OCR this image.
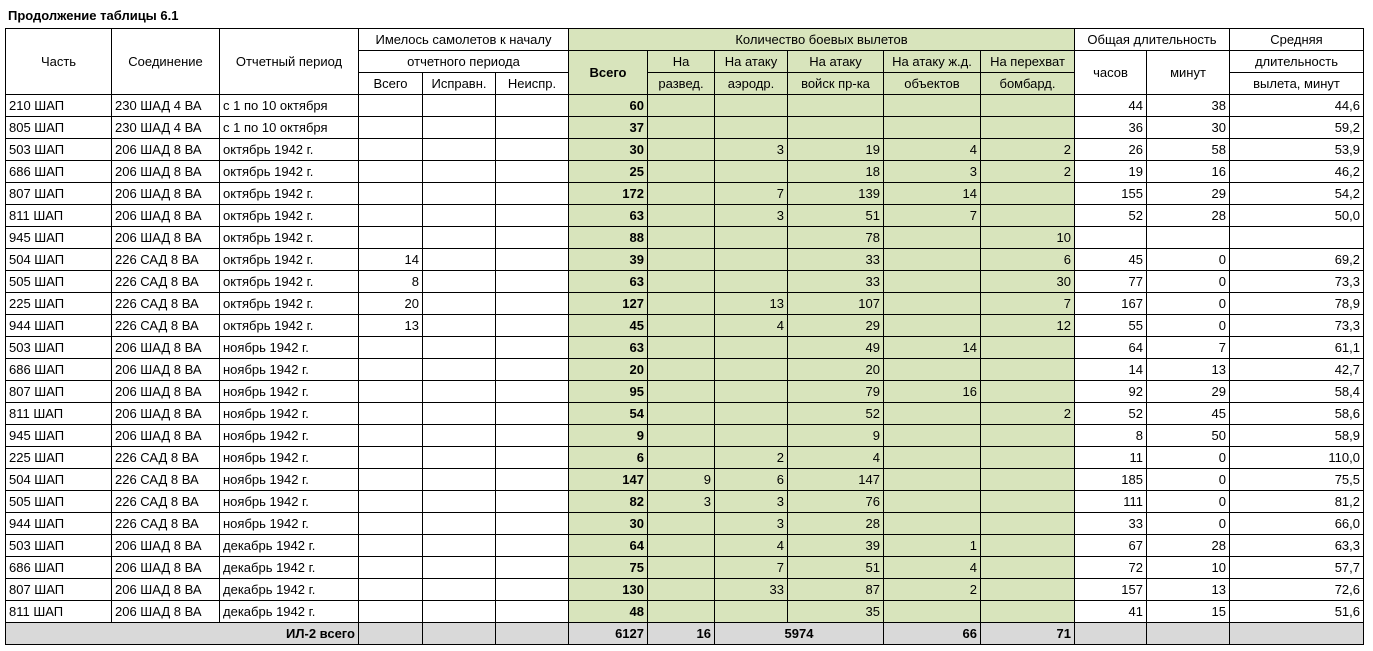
Продолжение таблицы 6.1
Часть	Соединение	Отчетный период	Имелось самолетов к началу			Количество боевых вылетов						Общая длительность		Средняя
			отчетного периода			Всего	На	На атаку	На атаку	На атаку ж.д.	На перехват	часов	минут	длительность
			Всего	Исправн.	Неиспр.		развед.	аэродр.	войск пр-ка	объектов	бомбард.			вылета, минут
210 ШАП	230 ШАД 4 ВА	с 1 по 10 октября				60						44	38	44,6
805 ШАП	230 ШАД 4 ВА	с 1 по 10 октября				37						36	30	59,2
503 ШАП	206 ШАД 8 ВА	октябрь 1942 г.				30		3	19	4	2	26	58	53,9
686 ШАП	206 ШАД 8 ВА	октябрь 1942 г.				25			18	3	2	19	16	46,2
807 ШАП	206 ШАД 8 ВА	октябрь 1942 г.				172		7	139	14		155	29	54,2
811 ШАП	206 ШАД 8 ВА	октябрь 1942 г.				63		3	51	7		52	28	50,0
945 ШАП	206 ШАД 8 ВА	октябрь 1942 г.				88			78		10			
504 ШАП	226 САД 8 ВА	октябрь 1942 г.	14			39			33		6	45	0	69,2
505 ШАП	226 САД 8 ВА	октябрь 1942 г.	8			63			33		30	77	0	73,3
225 ШАП	226 САД 8 ВА	октябрь 1942 г.	20			127		13	107		7	167	0	78,9
944 ШАП	226 САД 8 ВА	октябрь 1942 г.	13			45		4	29		12	55	0	73,3
503 ШАП	206 ШАД 8 ВА	ноябрь 1942 г.				63			49	14		64	7	61,1
686 ШАП	206 ШАД 8 ВА	ноябрь 1942 г.				20			20			14	13	42,7
807 ШАП	206 ШАД 8 ВА	ноябрь 1942 г.				95			79	16		92	29	58,4
811 ШАП	206 ШАД 8 ВА	ноябрь 1942 г.				54			52		2	52	45	58,6
945 ШАП	206 ШАД 8 ВА	ноябрь 1942 г.				9			9			8	50	58,9
225 ШАП	226 САД 8 ВА	ноябрь 1942 г.				6		2	4			11	0	110,0
504 ШАП	226 САД 8 ВА	ноябрь 1942 г.				147	9	6	147			185	0	75,5
505 ШАП	226 САД 8 ВА	ноябрь 1942 г.				82	3	3	76			111	0	81,2
944 ШАП	226 САД 8 ВА	ноябрь 1942 г.				30		3	28			33	0	66,0
503 ШАП	206 ШАД 8 ВА	декабрь 1942 г.				64		4	39	1		67	28	63,3
686 ШАП	206 ШАД 8 ВА	декабрь 1942 г.				75		7	51	4		72	10	57,7
807 ШАП	206 ШАД 8 ВА	декабрь 1942 г.				130		33	87	2		157	13	72,6
811 ШАП	206 ШАД 8 ВА	декабрь 1942 г.				48			35			41	15	51,6
ИЛ-2 всего						6127	16	5974		66	71			
